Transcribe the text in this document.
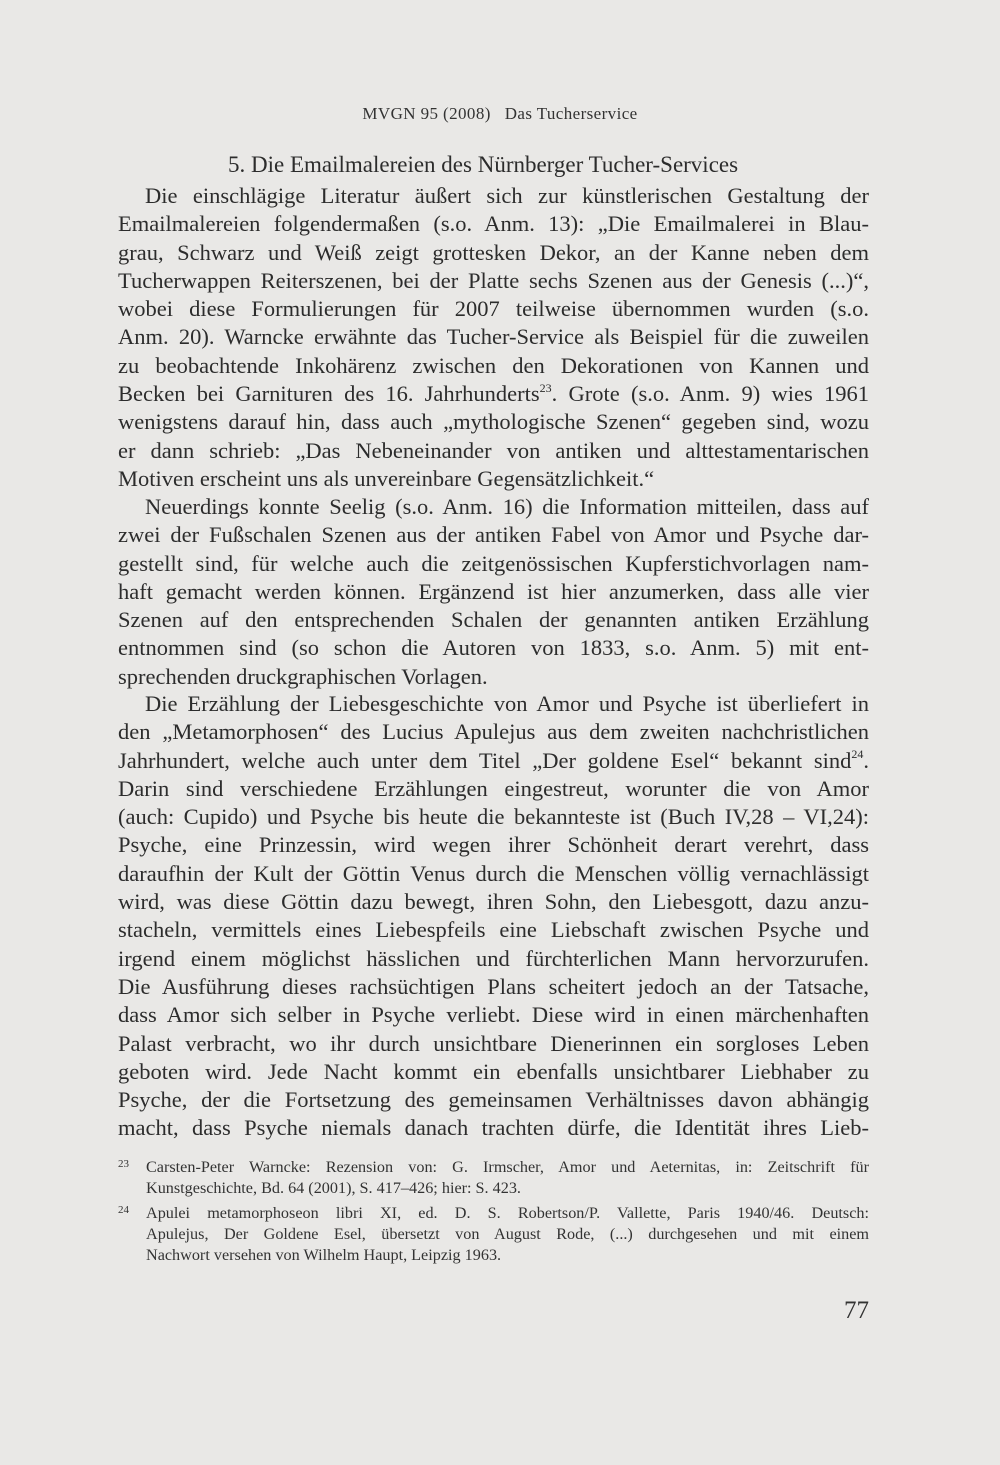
MVGN 95 (2008)   Das Tucherservice
5. Die Emailmalereien des Nürnberger Tucher-Services
Die einschlägige Literatur äußert sich zur künstlerischen Gestaltung der
Emailmalereien folgendermaßen (s.o. Anm. 13): „Die Emailmalerei in Blau-
grau, Schwarz und Weiß zeigt grottesken Dekor, an der Kanne neben dem
Tucherwappen Reiterszenen, bei der Platte sechs Szenen aus der Genesis (...)“,
wobei diese Formulierungen für 2007 teilweise übernommen wurden (s.o.
Anm. 20). Warncke erwähnte das Tucher-Service als Beispiel für die zuweilen
zu beobachtende Inkohärenz zwischen den Dekorationen von Kannen und
Becken bei Garnituren des 16. Jahrhunderts$^{23}$. Grote (s.o. Anm. 9) wies 1961
wenigstens darauf hin, dass auch „mythologische Szenen“ gegeben sind, wozu
er dann schrieb: „Das Nebeneinander von antiken und alttestamentarischen
Motiven erscheint uns als unvereinbare Gegensätzlichkeit.“
Neuerdings konnte Seelig (s.o. Anm. 16) die Information mitteilen, dass auf
zwei der Fußschalen Szenen aus der antiken Fabel von Amor und Psyche dar-
gestellt sind, für welche auch die zeitgenössischen Kupferstichvorlagen nam-
haft gemacht werden können. Ergänzend ist hier anzumerken, dass alle vier
Szenen auf den entsprechenden Schalen der genannten antiken Erzählung
entnommen sind (so schon die Autoren von 1833, s.o. Anm. 5) mit ent-
sprechenden druckgraphischen Vorlagen.
Die Erzählung der Liebesgeschichte von Amor und Psyche ist überliefert in
den „Metamorphosen“ des Lucius Apulejus aus dem zweiten nachchristlichen
Jahrhundert, welche auch unter dem Titel „Der goldene Esel“ bekannt sind$^{24}$.
Darin sind verschiedene Erzählungen eingestreut, worunter die von Amor
(auch: Cupido) und Psyche bis heute die bekannteste ist (Buch IV,28 – VI,24):
Psyche, eine Prinzessin, wird wegen ihrer Schönheit derart verehrt, dass
daraufhin der Kult der Göttin Venus durch die Menschen völlig vernachlässigt
wird, was diese Göttin dazu bewegt, ihren Sohn, den Liebesgott, dazu anzu-
stacheln, vermittels eines Liebespfeils eine Liebschaft zwischen Psyche und
irgend einem möglichst hässlichen und fürchterlichen Mann hervorzurufen.
Die Ausführung dieses rachsüchtigen Plans scheitert jedoch an der Tatsache,
dass Amor sich selber in Psyche verliebt. Diese wird in einen märchenhaften
Palast verbracht, wo ihr durch unsichtbare Dienerinnen ein sorgloses Leben
geboten wird. Jede Nacht kommt ein ebenfalls unsichtbarer Liebhaber zu
Psyche, der die Fortsetzung des gemeinsamen Verhältnisses davon abhängig
macht, dass Psyche niemals danach trachten dürfe, die Identität ihres Lieb-
23 Carsten-Peter Warncke: Rezension von: G. Irmscher, Amor und Aeternitas, in: Zeitschrift für
Kunstgeschichte, Bd. 64 (2001), S. 417–426; hier: S. 423.
24 Apulei metamorphoseon libri XI, ed. D. S. Robertson/P. Vallette, Paris 1940/46. Deutsch:
Apulejus, Der Goldene Esel, übersetzt von August Rode, (...) durchgesehen und mit einem
Nachwort versehen von Wilhelm Haupt, Leipzig 1963.
77
